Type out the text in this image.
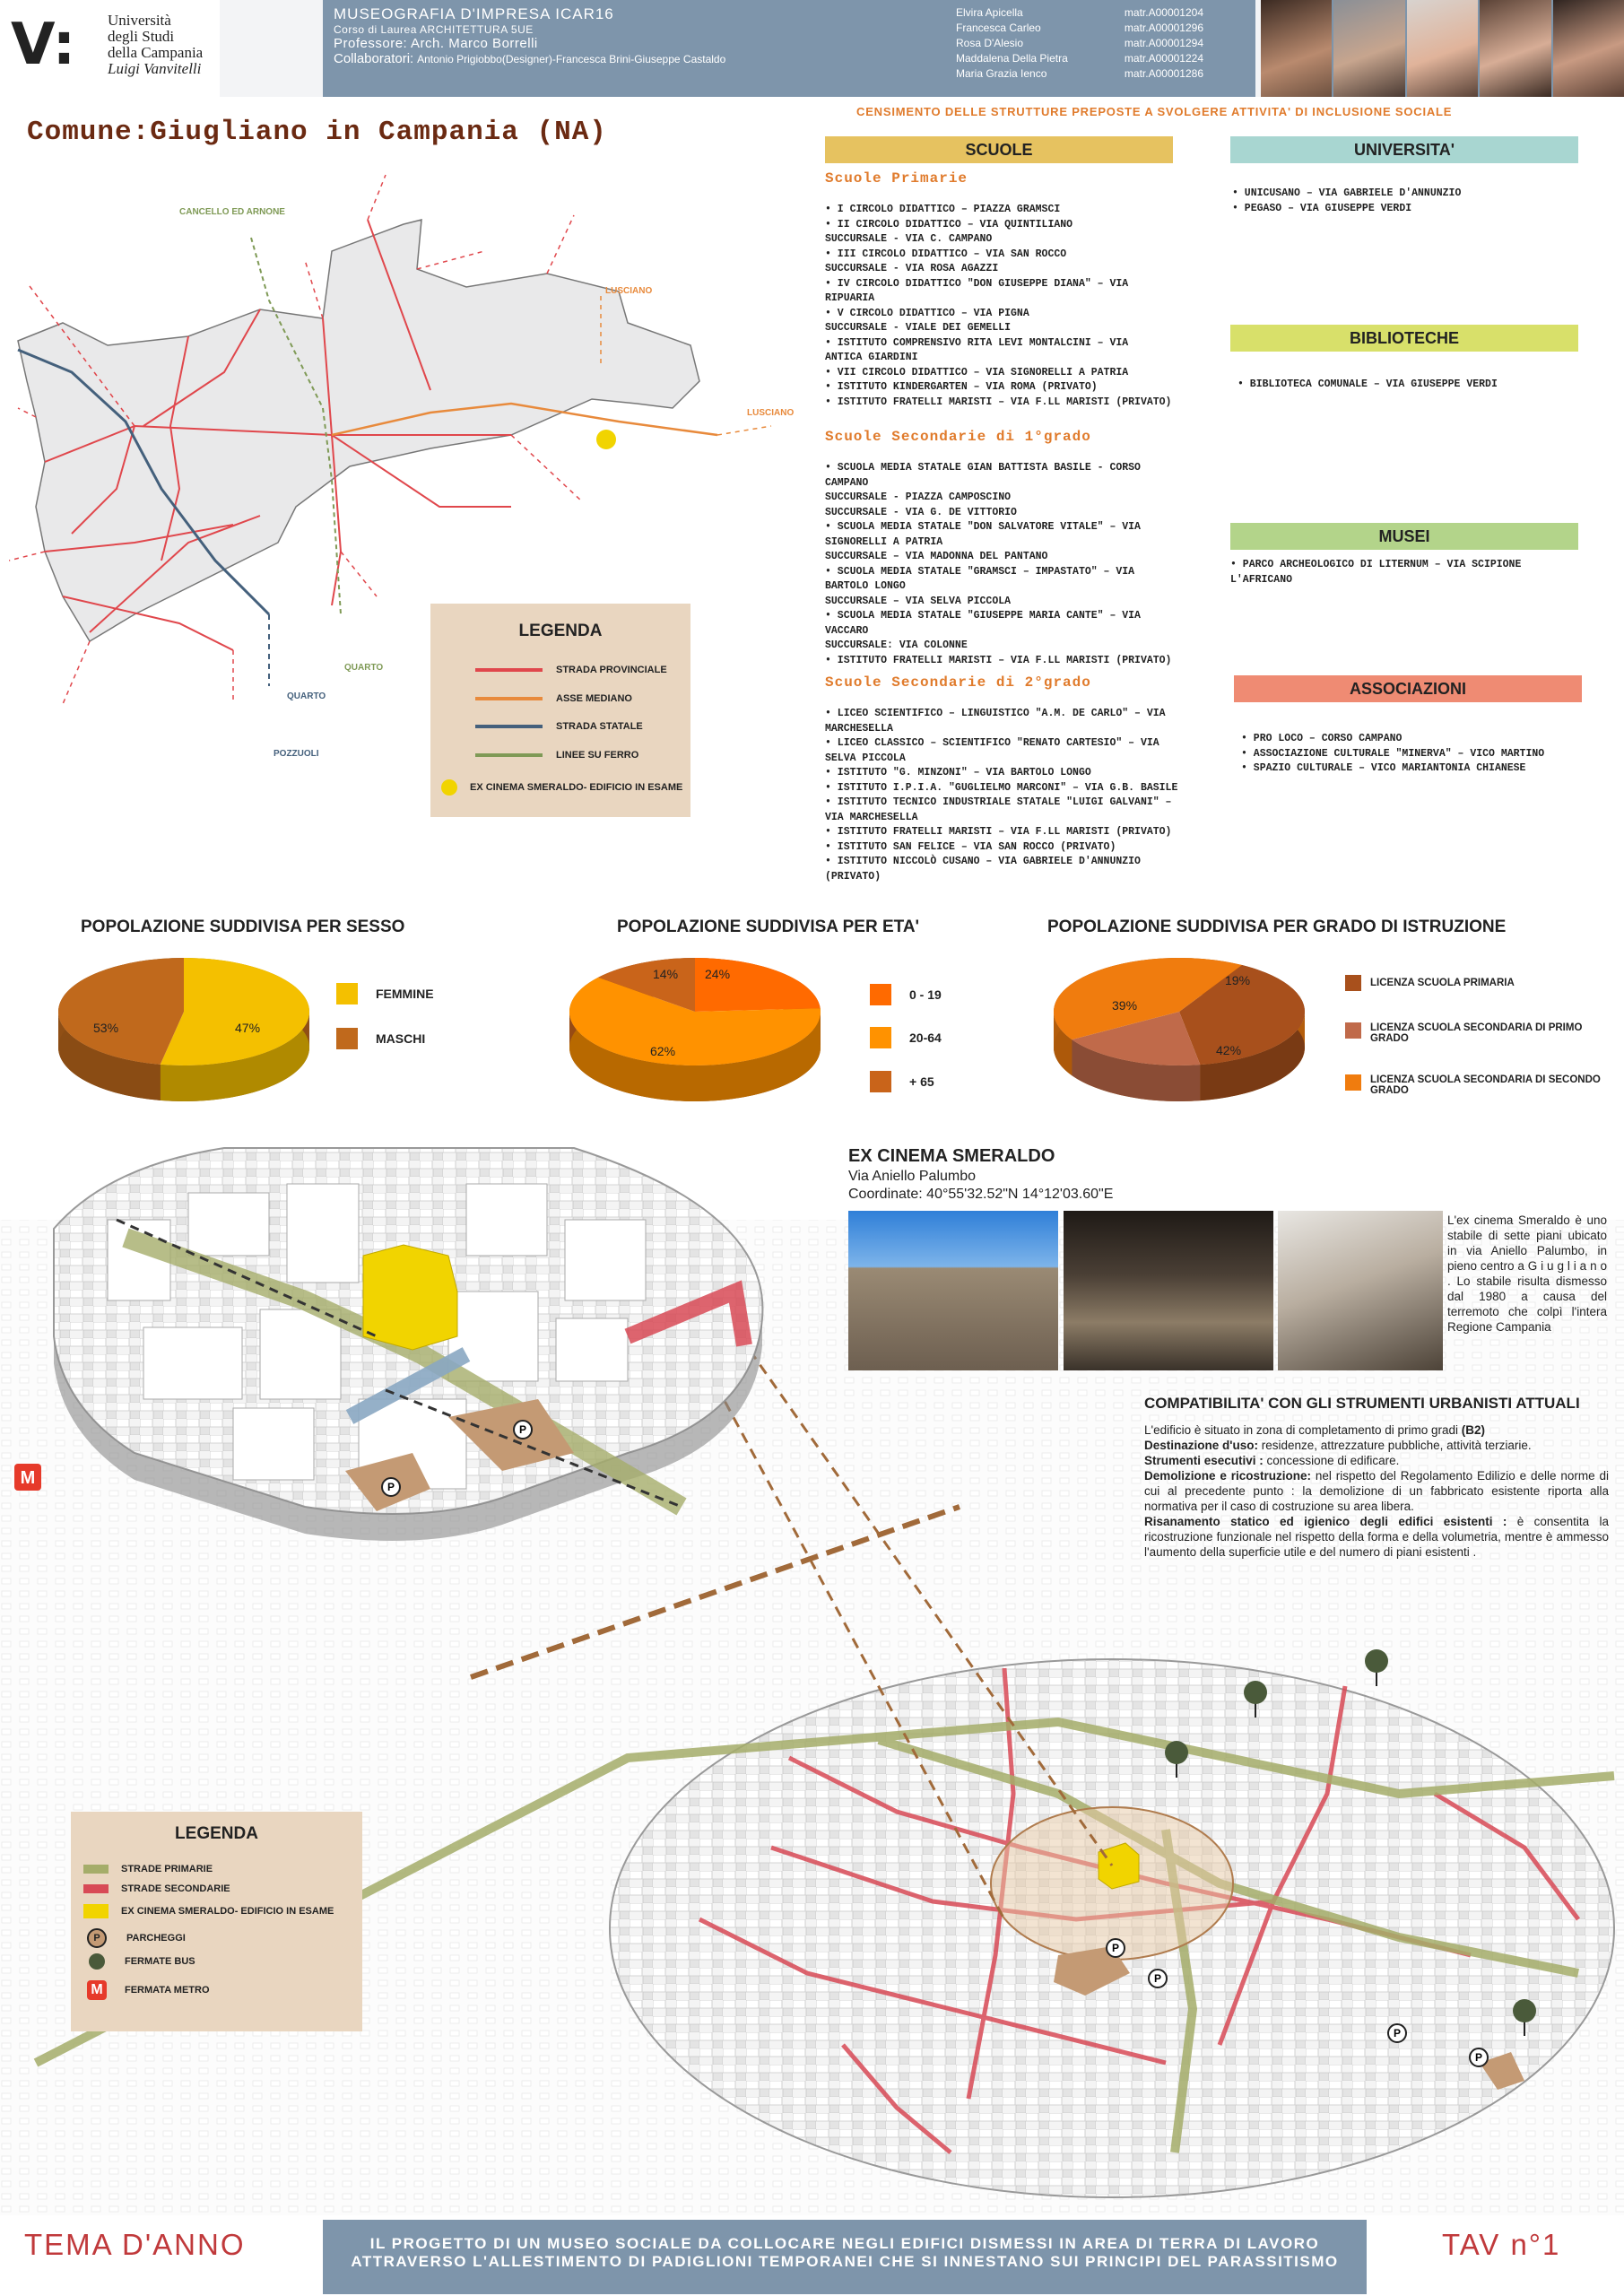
V: Università
degli Studi
della Campania
Luigi Vanvitelli
MUSEOGRAFIA D'IMPRESA ICAR16
Corso di Laurea ARCHITETTURA 5UE
Professore: Arch. Marco Borrelli
Collaboratori: Antonio Prigiobbo(Designer)-Francesca Brini-Giuseppe Castaldo
Elvira Apicella	matr.A00001204
Francesca Carleo	matr.A00001296
Rosa D'Alesio	matr.A00001294
Maddalena Della Pietra	matr.A00001224
Maria Grazia Ienco	matr.A00001286
Comune:Giugliano in Campania (NA)
CANCELLO ED ARNONE
LUSCIANO
LUSCIANO
QUARTO
QUARTO
POZZUOLI
LEGENDA
STRADA PROVINCIALE
ASSE MEDIANO
STRADA STATALE
LINEE SU FERRO
EX CINEMA SMERALDO- EDIFICIO IN ESAME
CENSIMENTO DELLE STRUTTURE PREPOSTE A SVOLGERE ATTIVITA' DI INCLUSIONE SOCIALE
SCUOLE
Scuole Primarie
• I CIRCOLO DIDATTICO – PIAZZA GRAMSCI
• II CIRCOLO DIDATTICO – VIA QUINTILIANO
SUCCURSALE - VIA C. CAMPANO
• III CIRCOLO DIDATTICO – VIA SAN ROCCO
SUCCURSALE - VIA ROSA AGAZZI
• IV CIRCOLO DIDATTICO "DON GIUSEPPE DIANA" – VIA
RIPUARIA
• V CIRCOLO DIDATTICO – VIA PIGNA
SUCCURSALE - VIALE DEI GEMELLI
• ISTITUTO COMPRENSIVO RITA LEVI MONTALCINI – VIA
ANTICA GIARDINI
• VII CIRCOLO DIDATTICO – VIA SIGNORELLI A PATRIA
• ISTITUTO KINDERGARTEN – VIA ROMA (PRIVATO)
• ISTITUTO FRATELLI MARISTI – VIA F.LL MARISTI (PRIVATO)
Scuole Secondarie di 1°grado
• SCUOLA MEDIA STATALE GIAN BATTISTA BASILE - CORSO
CAMPANO
SUCCURSALE - PIAZZA CAMPOSCINO
SUCCURSALE - VIA G. DE VITTORIO
• SCUOLA MEDIA STATALE "DON SALVATORE VITALE" – VIA
SIGNORELLI A PATRIA
SUCCURSALE – VIA MADONNA DEL PANTANO
• SCUOLA MEDIA STATALE "GRAMSCI – IMPASTATO" – VIA
BARTOLO LONGO
SUCCURSALE – VIA SELVA PICCOLA
• SCUOLA MEDIA STATALE "GIUSEPPE MARIA CANTE" – VIA
VACCARO
SUCCURSALE: VIA COLONNE
• ISTITUTO FRATELLI MARISTI – VIA F.LL MARISTI (PRIVATO)
Scuole Secondarie di 2°grado
• LICEO SCIENTIFICO – LINGUISTICO "A.M. DE CARLO" – VIA
MARCHESELLA
• LICEO CLASSICO – SCIENTIFICO "RENATO CARTESIO" – VIA
SELVA PICCOLA
• ISTITUTO "G. MINZONI" – VIA BARTOLO LONGO
• ISTITUTO I.P.I.A. "GUGLIELMO MARCONI" – VIA G.B. BASILE
• ISTITUTO TECNICO INDUSTRIALE STATALE "LUIGI GALVANI" –
VIA MARCHESELLA
• ISTITUTO FRATELLI MARISTI – VIA F.LL MARISTI (PRIVATO)
• ISTITUTO SAN FELICE – VIA SAN ROCCO (PRIVATO)
• ISTITUTO NICCOLÒ CUSANO – VIA GABRIELE D'ANNUNZIO
(PRIVATO)
UNIVERSITA'
• UNICUSANO – VIA GABRIELE D'ANNUNZIO
• PEGASO – VIA GIUSEPPE VERDI
BIBLIOTECHE
• BIBLIOTECA COMUNALE – VIA GIUSEPPE VERDI
MUSEI
• PARCO ARCHEOLOGICO DI LITERNUM – VIA SCIPIONE
L'AFRICANO
ASSOCIAZIONI
• PRO LOCO – CORSO CAMPANO
• ASSOCIAZIONE CULTURALE "MINERVA" – VICO MARTINO
• SPAZIO CULTURALE – VICO MARIANTONIA CHIANESE
POPOLAZIONE SUDDIVISA PER SESSO	POPOLAZIONE SUDDIVISA PER ETA'	POPOLAZIONE SUDDIVISA PER GRADO DI ISTRUZIONE
53%	47%
24%
62%
14%
39%
19%
42%
FEMMINE
MASCHI
0 - 19
20-64
+ 65
LICENZA SCUOLA PRIMARIA
LICENZA SCUOLA SECONDARIA DI PRIMO GRADO
LICENZA SCUOLA SECONDARIA DI SECONDO GRADO
P
P
P
P
P
P
M
LEGENDA
STRADE PRIMARIE
STRADE SECONDARIE
EX CINEMA SMERALDO- EDIFICIO IN ESAME
P	PARCHEGGI
FERMATE BUS
M	FERMATA METRO
EX CINEMA SMERALDO
Via Aniello Palumbo
Coordinate: 40°55'32.52"N 14°12'03.60"E
L'ex cinema Smeraldo è uno stabile di sette piani ubicato in via Aniello Palumbo, in pieno centro a G i u g l i a n o . Lo stabile risulta dismesso dal 1980 a causa del terremoto che colpì l'intera Regione Campania
COMPATIBILITA' CON GLI STRUMENTI URBANISTI ATTUALI
L'edificio è situato in zona di completamento di primo gradi (B2)
Destinazione d'uso: residenze, attrezzature pubbliche, attività terziarie.
Strumenti esecutivi : concessione di edificare.
Demolizione e ricostruzione: nel rispetto del Regolamento Edilizio e delle norme di cui al precedente punto : la demolizione di un fabbricato esistente riporta alla normativa per il caso di costruzione su area libera.
Risanamento statico ed igienico degli edifici esistenti : è consentita la ricostruzione funzionale nel rispetto della forma e della volumetria, mentre è ammesso l'aumento della superficie utile e del numero di piani esistenti .
TEMA D'ANNO	IL PROGETTO DI UN MUSEO SOCIALE DA COLLOCARE NEGLI EDIFICI DISMESSI IN AREA DI TERRA DI LAVORO
ATTRAVERSO L'ALLESTIMENTO DI PADIGLIONI TEMPORANEI CHE SI INNESTANO SUI PRINCIPI DEL PARASSITISMO
TAV n°1
